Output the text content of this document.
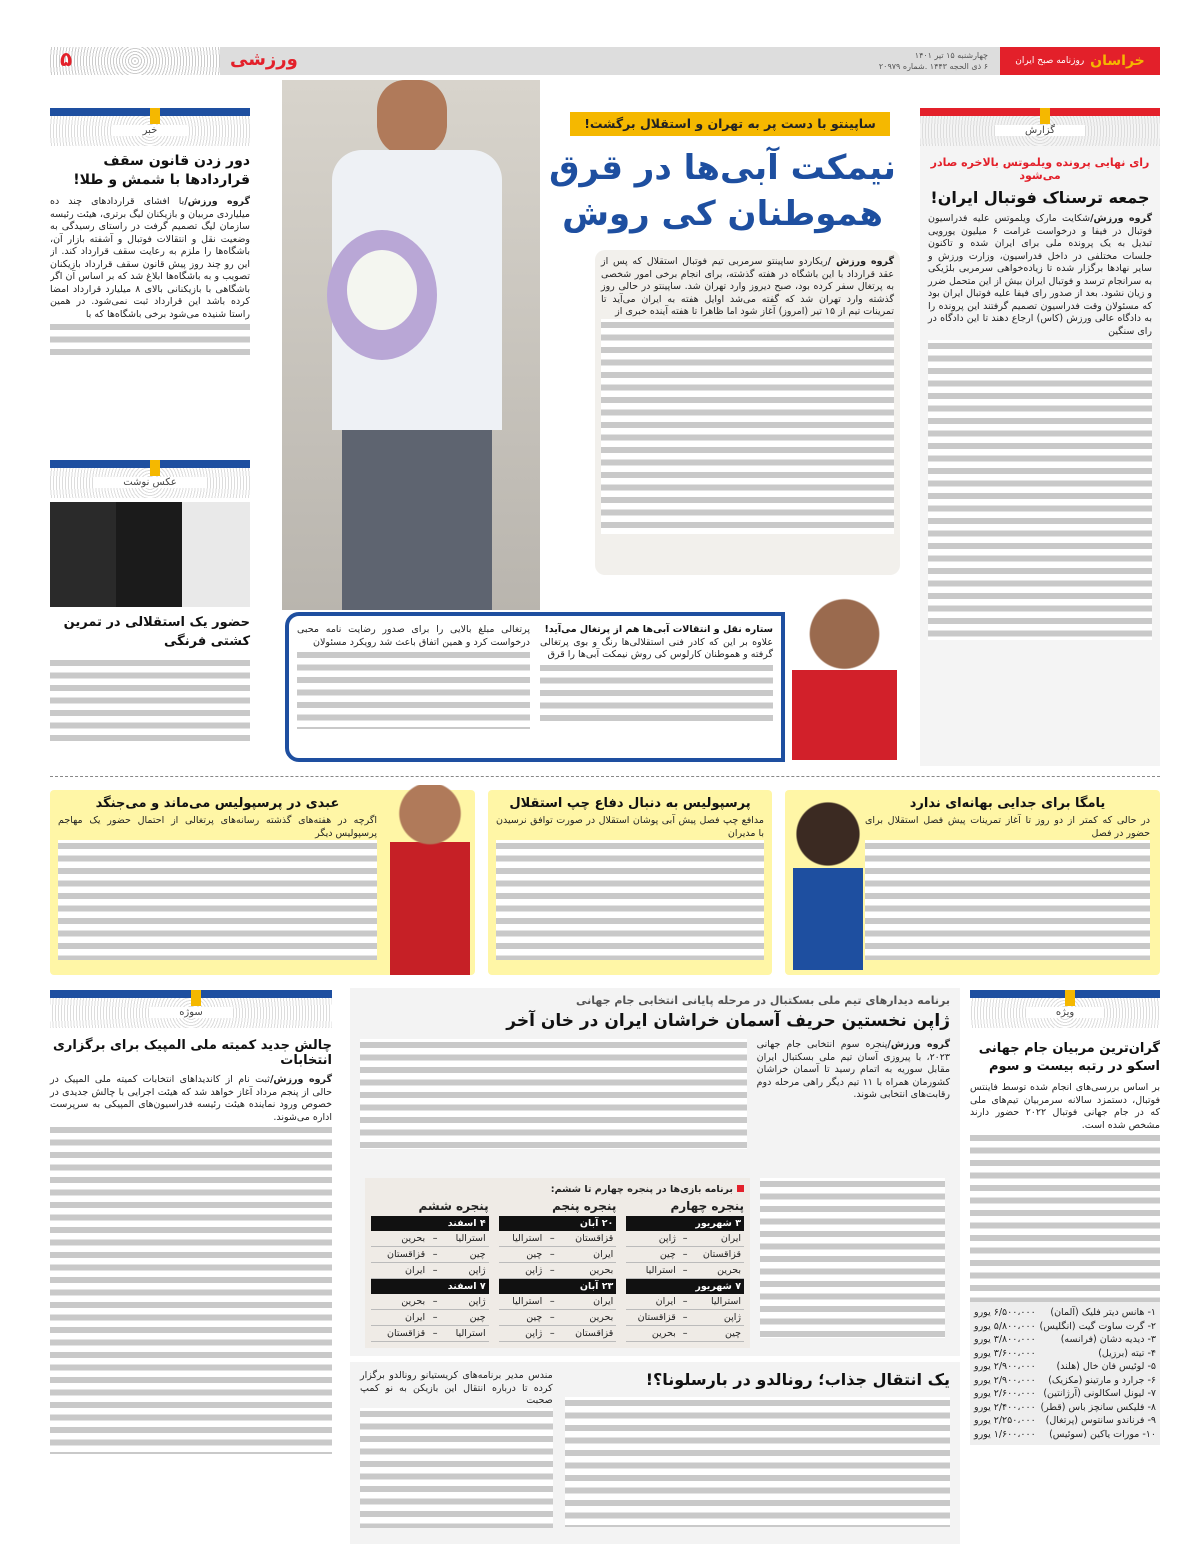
خراسان
روزنامه صبح ایران
چهارشنبه ۱۵ تیر ۱۴۰۱
۶ ذی الحجه ۱۴۴۳ .شماره ۲۰۹۷۹
ورزشی
۵
گزارش
رای نهایی پرونده ویلموتس بالاخره صادر می‌شود
جمعه ترسناک فوتبال ایران!
گروه ورزش/شکایت مارک ویلموتس علیه فدراسیون فوتبال در فیفا و درخواست غرامت ۶ میلیون یورویی تبدیل به یک پرونده ملی برای ایران شده و تاکنون جلسات مختلفی در داخل فدراسیون، وزارت ورزش و سایر نهادها برگزار شده تا زیاده‌خواهی سرمربی بلژیکی به سرانجام ترسد و فوتبال ایران بیش از این متحمل ضرر و زیان نشود. بعد از صدور رای فیفا علیه فوتبال ایران بود که مسئولان وقت فدراسیون تصمیم گرفتند این پرونده را به دادگاه عالی ورزش (کاس) ارجاع دهند تا این دادگاه در رای سنگین
خبر
دور زدن قانون سقف قراردادها با شمش و طلا!
گروه ورزش/با افشای قراردادهای چند ده میلیاردی مربیان و بازیکنان لیگ برتری، هیئت رئیسه سازمان لیگ تصمیم گرفت در راستای رسیدگی به وضعیت نقل و انتقالات فوتبال و آشفته بازار آن، باشگاه‌ها را ملزم به رعایت سقف قرارداد کند. از این رو چند روز پیش قانون سقف قرارداد بازیکنان تصویب و به باشگاه‌ها ابلاغ شد که بر اساس آن اگر باشگاهی با بازیکنانی بالای ۸ میلیارد قرارداد امضا کرده باشد این قرارداد ثبت نمی‌شود. در همین راستا شنیده می‌شود برخی باشگاه‌ها که با
عکس نوشت
حضور یک استقلالی در تمرین کشتی فرنگی
ساپینتو با دست پر به تهران و استقلال برگشت!
نیمکت آبی‌ها در قرق
هموطنان کی روش
گروه ورزش /ریکاردو ساپینتو سرمربی تیم فوتبال استقلال که پس از عقد قرارداد با این باشگاه در هفته گذشته، برای انجام برخی امور شخصی به پرتغال سفر کرده بود، صبح دیروز وارد تهران شد. ساپینتو در حالی روز گذشته وارد تهران شد که گفته می‌شد اوایل هفته به ایران می‌آید تا تمرینات تیم از ۱۵ تیر (امروز) آغاز شود اما ظاهرا تا هفته آینده خبری از
ستاره نقل و انتقالات آبی‌ها هم از پرتغال می‌آید!
علاوه بر این که کادر فنی استقلالی‌ها رنگ و بوی پرتغالی گرفته و هموطنان کارلوس کی روش نیمکت آبی‌ها را قرق
پرتغالی مبلغ بالایی را برای صدور رضایت نامه محبی درخواست کرد و همین اتفاق باعث شد رویکرد مسئولان
یامگا برای جدایی بهانه‌ای ندارد
در حالی که کمتر از دو روز تا آغاز تمرینات پیش فصل استقلال برای حضور در فصل
پرسپولیس به دنبال دفاع چپ استقلال
مدافع چپ فصل پیش آبی پوشان استقلال در صورت توافق نرسیدن با مدیران
عبدی در پرسپولیس می‌ماند و می‌جنگد
اگرچه در هفته‌های گذشته رسانه‌های پرتغالی از احتمال حضور یک مهاجم پرسپولیس دیگر
ویژه
گران‌ترین مربیان جام جهانی اسکو در رتبه بیست و سوم
بر اساس بررسی‌های انجام شده توسط فاینتس فوتبال، دستمزد سالانه سرمربیان تیم‌های ملی که در جام جهانی فوتبال ۲۰۲۲ حضور دارند مشخص شده است.
۱- هانس دیتر فلیک (آلمان)
۶/۵۰۰،۰۰۰ یورو
۲- گرت ساوت گیت (انگلیس)
۵/۸۰۰،۰۰۰ یورو
۳- دیدیه دشان (فرانسه)
۳/۸۰۰،۰۰۰ یورو
۴- تیته (برزیل)
۳/۶۰۰،۰۰۰ یورو
۵- لوئیس فان خال (هلند)
۲/۹۰۰،۰۰۰ یورو
۶- جرارد و مارتینو (مکزیک)
۲/۹۰۰،۰۰۰ یورو
۷- لیونل اسکالونی (آرژانتین)
۲/۶۰۰،۰۰۰ یورو
۸- فلیکس سانچز باس (قطر)
۲/۴۰۰،۰۰۰ یورو
۹- فرناندو سانتوس (پرتغال)
۲/۲۵۰،۰۰۰ یورو
۱۰- مورات یاکین (سوئیس)
۱/۶۰۰،۰۰۰ یورو
برنامه دیدارهای تیم ملی بسکتبال در مرحله پایانی انتخابی جام جهانی
ژاپن نخستین حریف آسمان خراشان ایران در خان آخر
گروه ورزش/پنجره سوم انتخابی جام جهانی ۲۰۲۳، با پیروزی آسان تیم ملی بسکتبال ایران مقابل سوریه به اتمام رسید تا آسمان خراشان کشورمان همراه با ۱۱ تیم دیگر راهی مرحله دوم رقابت‌های انتخابی شوند.
برنامه بازی‌ها در پنجره چهارم تا ششم:
پنجره چهارم
۳ شهریور		
ایران	–	ژاپن
قزاقستان	–	چین
بحرین	–	استرالیا
۷ شهریور		
استرالیا	–	ایران
ژاپن	–	قزاقستان
چین	–	بحرین
پنجره پنجم
۲۰ آبان		
قزاقستان	–	استرالیا
ایران	–	چین
بحرین	–	ژاپن
۲۳ آبان		
ایران	–	استرالیا
بحرین	–	چین
قزاقستان	–	ژاپن
پنجره ششم
۴ اسفند		
استرالیا	–	بحرین
چین	–	قزاقستان
ژاپن	–	ایران
۷ اسفند		
ژاپن	–	بحرین
چین	–	ایران
استرالیا	–	قزاقستان
یک انتقال جذاب؛ رونالدو در بارسلونا؟!
مندس مدیر برنامه‌های کریستیانو رونالدو برگزار کرده تا درباره انتقال این بازیکن به نو کمپ صحبت
سوژه
چالش جدید کمیته ملی المپیک برای برگزاری انتخابات
گروه ورزش/ثبت نام از کاندیداهای انتخابات کمیته ملی المپیک در حالی از پنجم مرداد آغاز خواهد شد که هیئت اجرایی با چالش جدیدی در خصوص ورود نماینده هیئت رئیسه فدراسیون‌های المپیکی به سرپرست اداره می‌شوند.
